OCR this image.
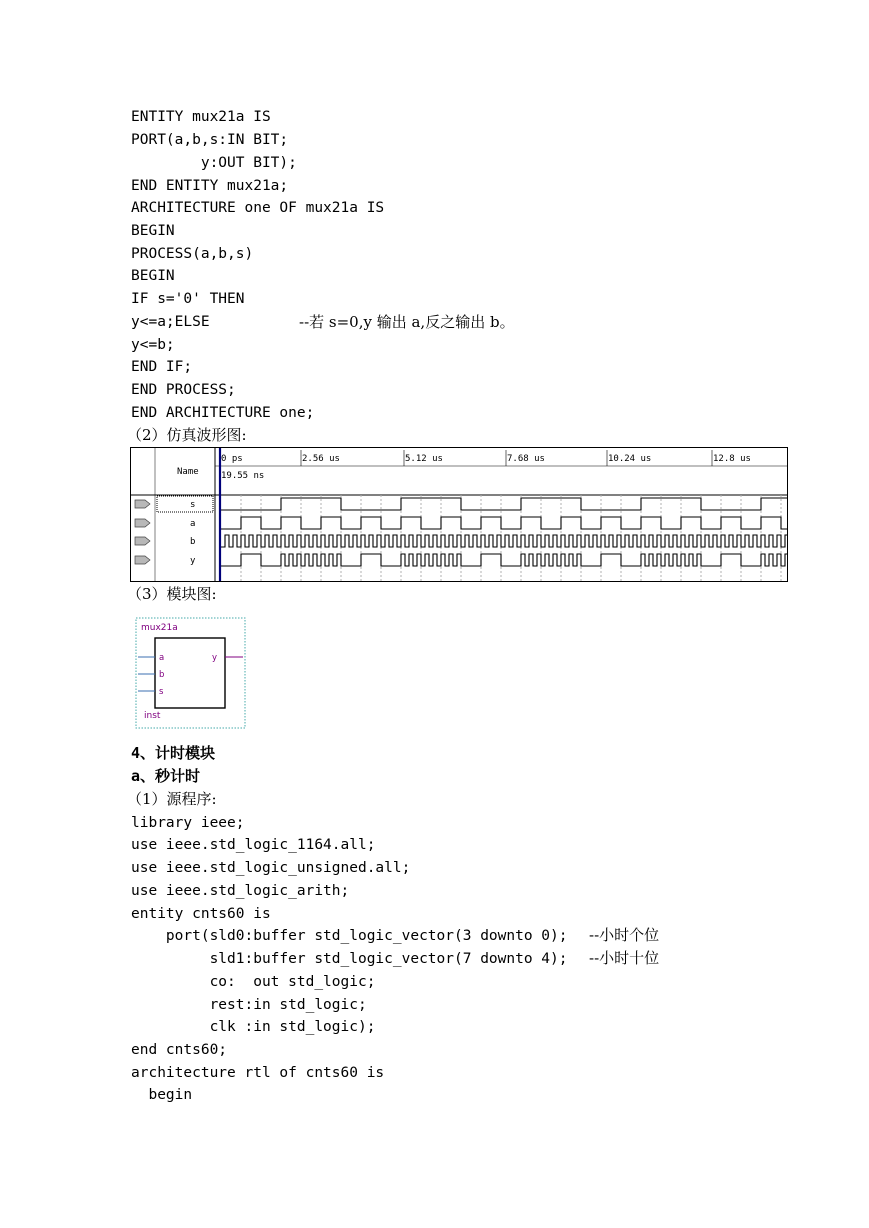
ENTITY mux21a IS
PORT(a,b,s:IN BIT;
y:OUT BIT);
END ENTITY mux21a;
ARCHITECTURE one OF mux21a IS
BEGIN
PROCESS(a,b,s)
BEGIN
IF s='0' THEN
y<=a;ELSE	--若 s=0,y 输出 a,反之输出 b。
y<=b;
END IF;
END PROCESS;
END ARCHITECTURE one;
（2）仿真波形图:
Name
0 ps	2.56 us	5.12 us	7.68 us	10.24 us	12.8 us
19.55 ns
s
a
b
y
（3）模块图:
mux21a
a
b
s
y
inst
4、计时模块
a、秒计时
（1）源程序:
library ieee;
use ieee.std_logic_1164.all;
use ieee.std_logic_unsigned.all;
use ieee.std_logic_arith;
entity cnts60 is
port(sld0:buffer std_logic_vector(3 downto 0); --小时个位
sld1:buffer std_logic_vector(7 downto 4); --小时十位
co:  out std_logic;
rest:in std_logic;
clk :in std_logic);
end cnts60;
architecture rtl of cnts60 is
begin
